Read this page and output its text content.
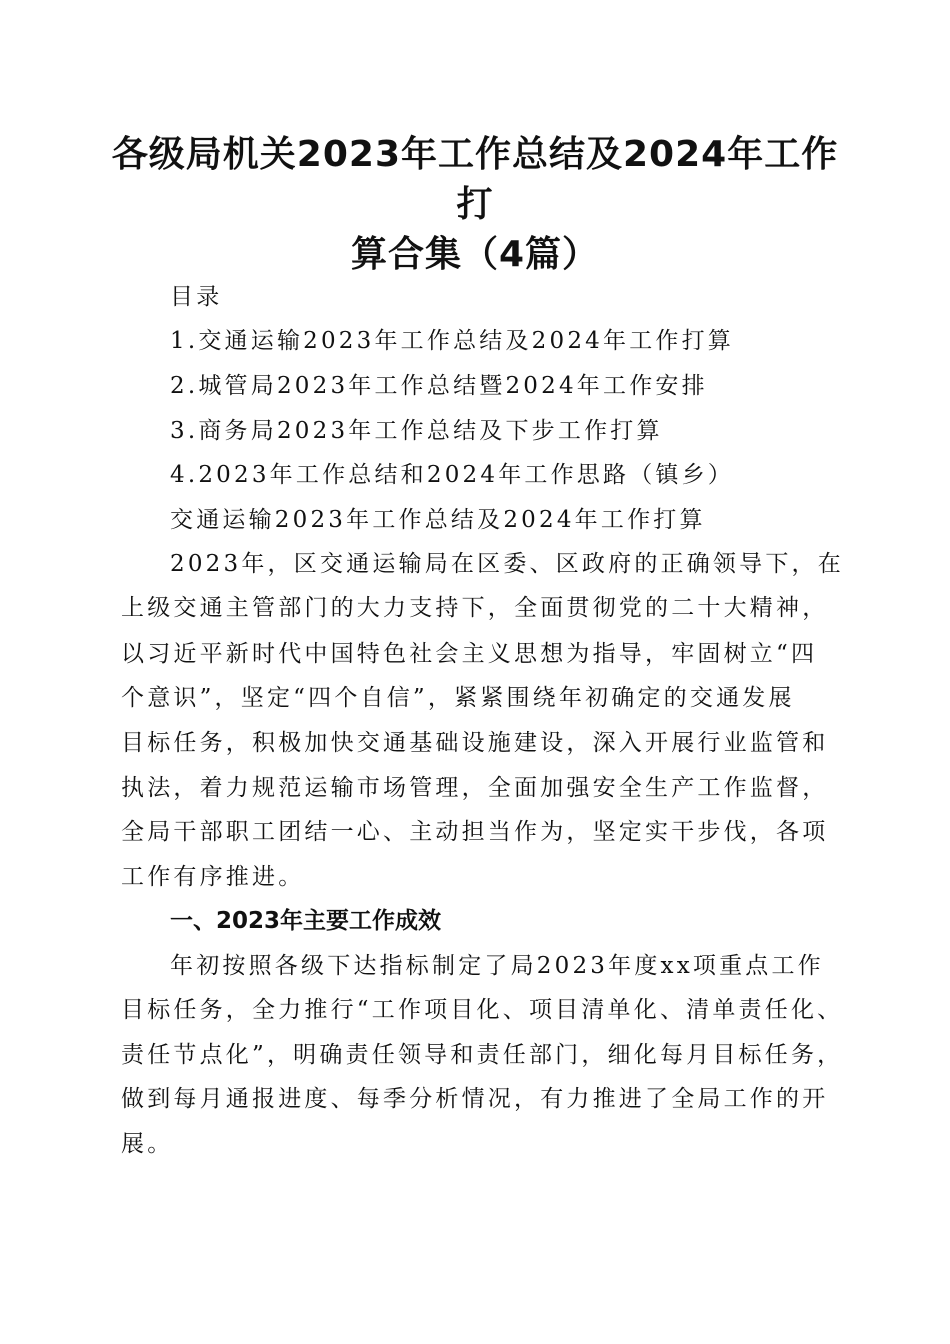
各级局机关2023年工作总结及2024年工作打
算合集（4篇）
目录
1.交通运输2023年工作总结及2024年工作打算
2.城管局2023年工作总结暨2024年工作安排
3.商务局2023年工作总结及下步工作打算
4.2023年工作总结和2024年工作思路（镇乡）
交通运输2023年工作总结及2024年工作打算
2023年，区交通运输局在区委、区政府的正确领导下，在
上级交通主管部门的大力支持下，全面贯彻党的二十大精神，
以习近平新时代中国特色社会主义思想为指导，牢固树立“四
个意识”，坚定“四个自信”，紧紧围绕年初确定的交通发展
目标任务，积极加快交通基础设施建设，深入开展行业监管和
执法，着力规范运输市场管理，全面加强安全生产工作监督，
全局干部职工团结一心、主动担当作为，坚定实干步伐，各项
工作有序推进。
一、2023年主要工作成效
年初按照各级下达指标制定了局2023年度xx项重点工作
目标任务，全力推行“工作项目化、项目清单化、清单责任化、
责任节点化”，明确责任领导和责任部门，细化每月目标任务，
做到每月通报进度、每季分析情况，有力推进了全局工作的开
展。
